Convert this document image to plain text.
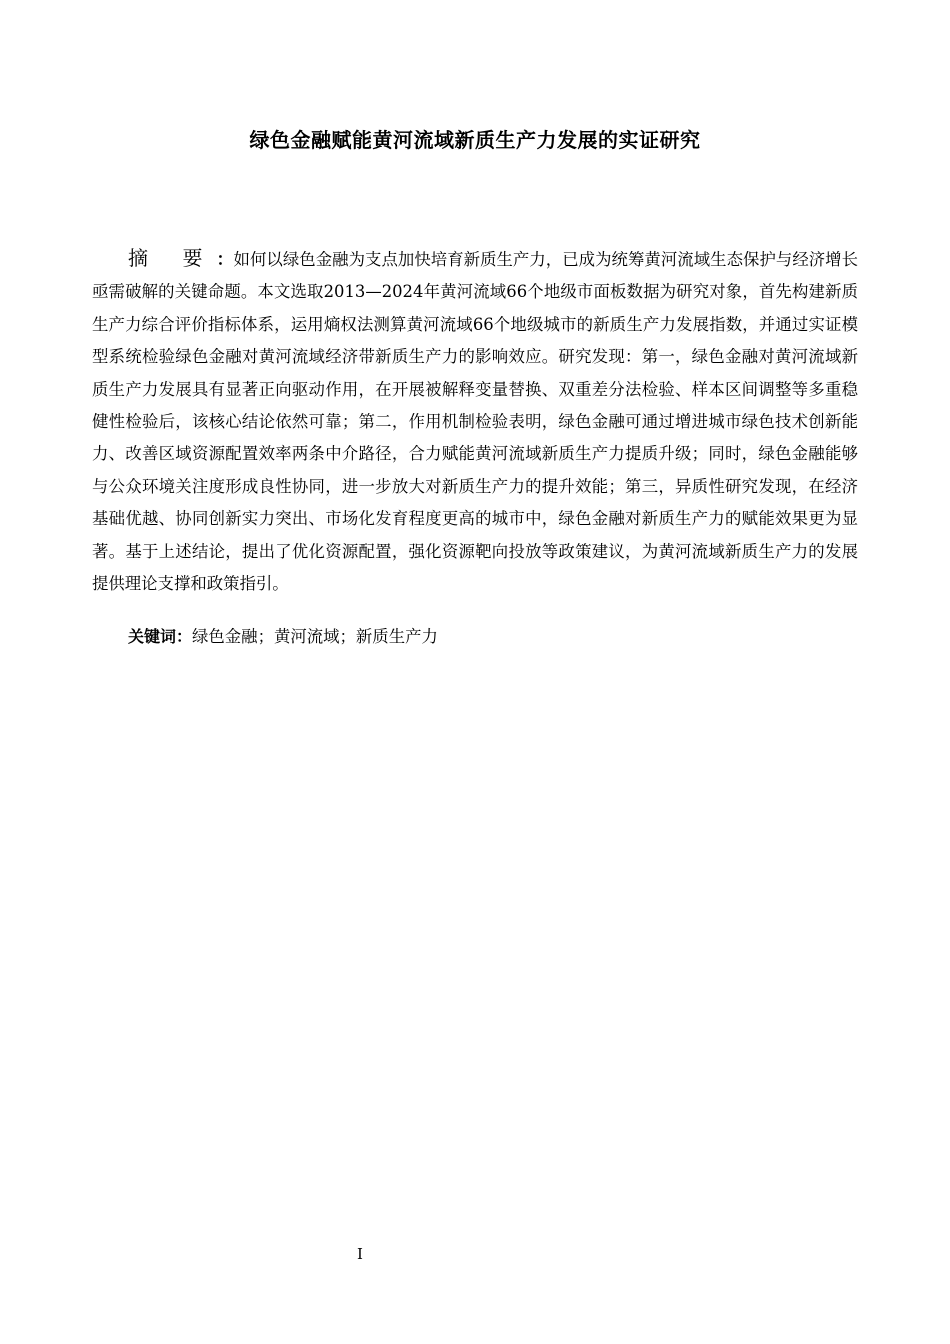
绿色金融赋能黄河流域新质生产力发展的实证研究
摘 要：如何以绿色金融为支点加快培育新质生产力，已成为统筹黄河流域生态保护与经济增长亟需破解的关键命题。本文选取2013—2024年黄河流域66个地级市面板数据为研究对象，首先构建新质生产力综合评价指标体系，运用熵权法测算黄河流域66个地级城市的新质生产力发展指数，并通过实证模型系统检验绿色金融对黄河流域经济带新质生产力的影响效应。研究发现：第一，绿色金融对黄河流域新质生产力发展具有显著正向驱动作用，在开展被解释变量替换、双重差分法检验、样本区间调整等多重稳健性检验后，该核心结论依然可靠；第二，作用机制检验表明，绿色金融可通过增进城市绿色技术创新能力、改善区域资源配置效率两条中介路径，合力赋能黄河流域新质生产力提质升级；同时，绿色金融能够与公众环境关注度形成良性协同，进一步放大对新质生产力的提升效能；第三，异质性研究发现，在经济基础优越、协同创新实力突出、市场化发育程度更高的城市中，绿色金融对新质生产力的赋能效果更为显著。基于上述结论，提出了优化资源配置，强化资源靶向投放等政策建议，为黄河流域新质生产力的发展提供理论支撑和政策指引。
关键词：绿色金融；黄河流域；新质生产力
I
